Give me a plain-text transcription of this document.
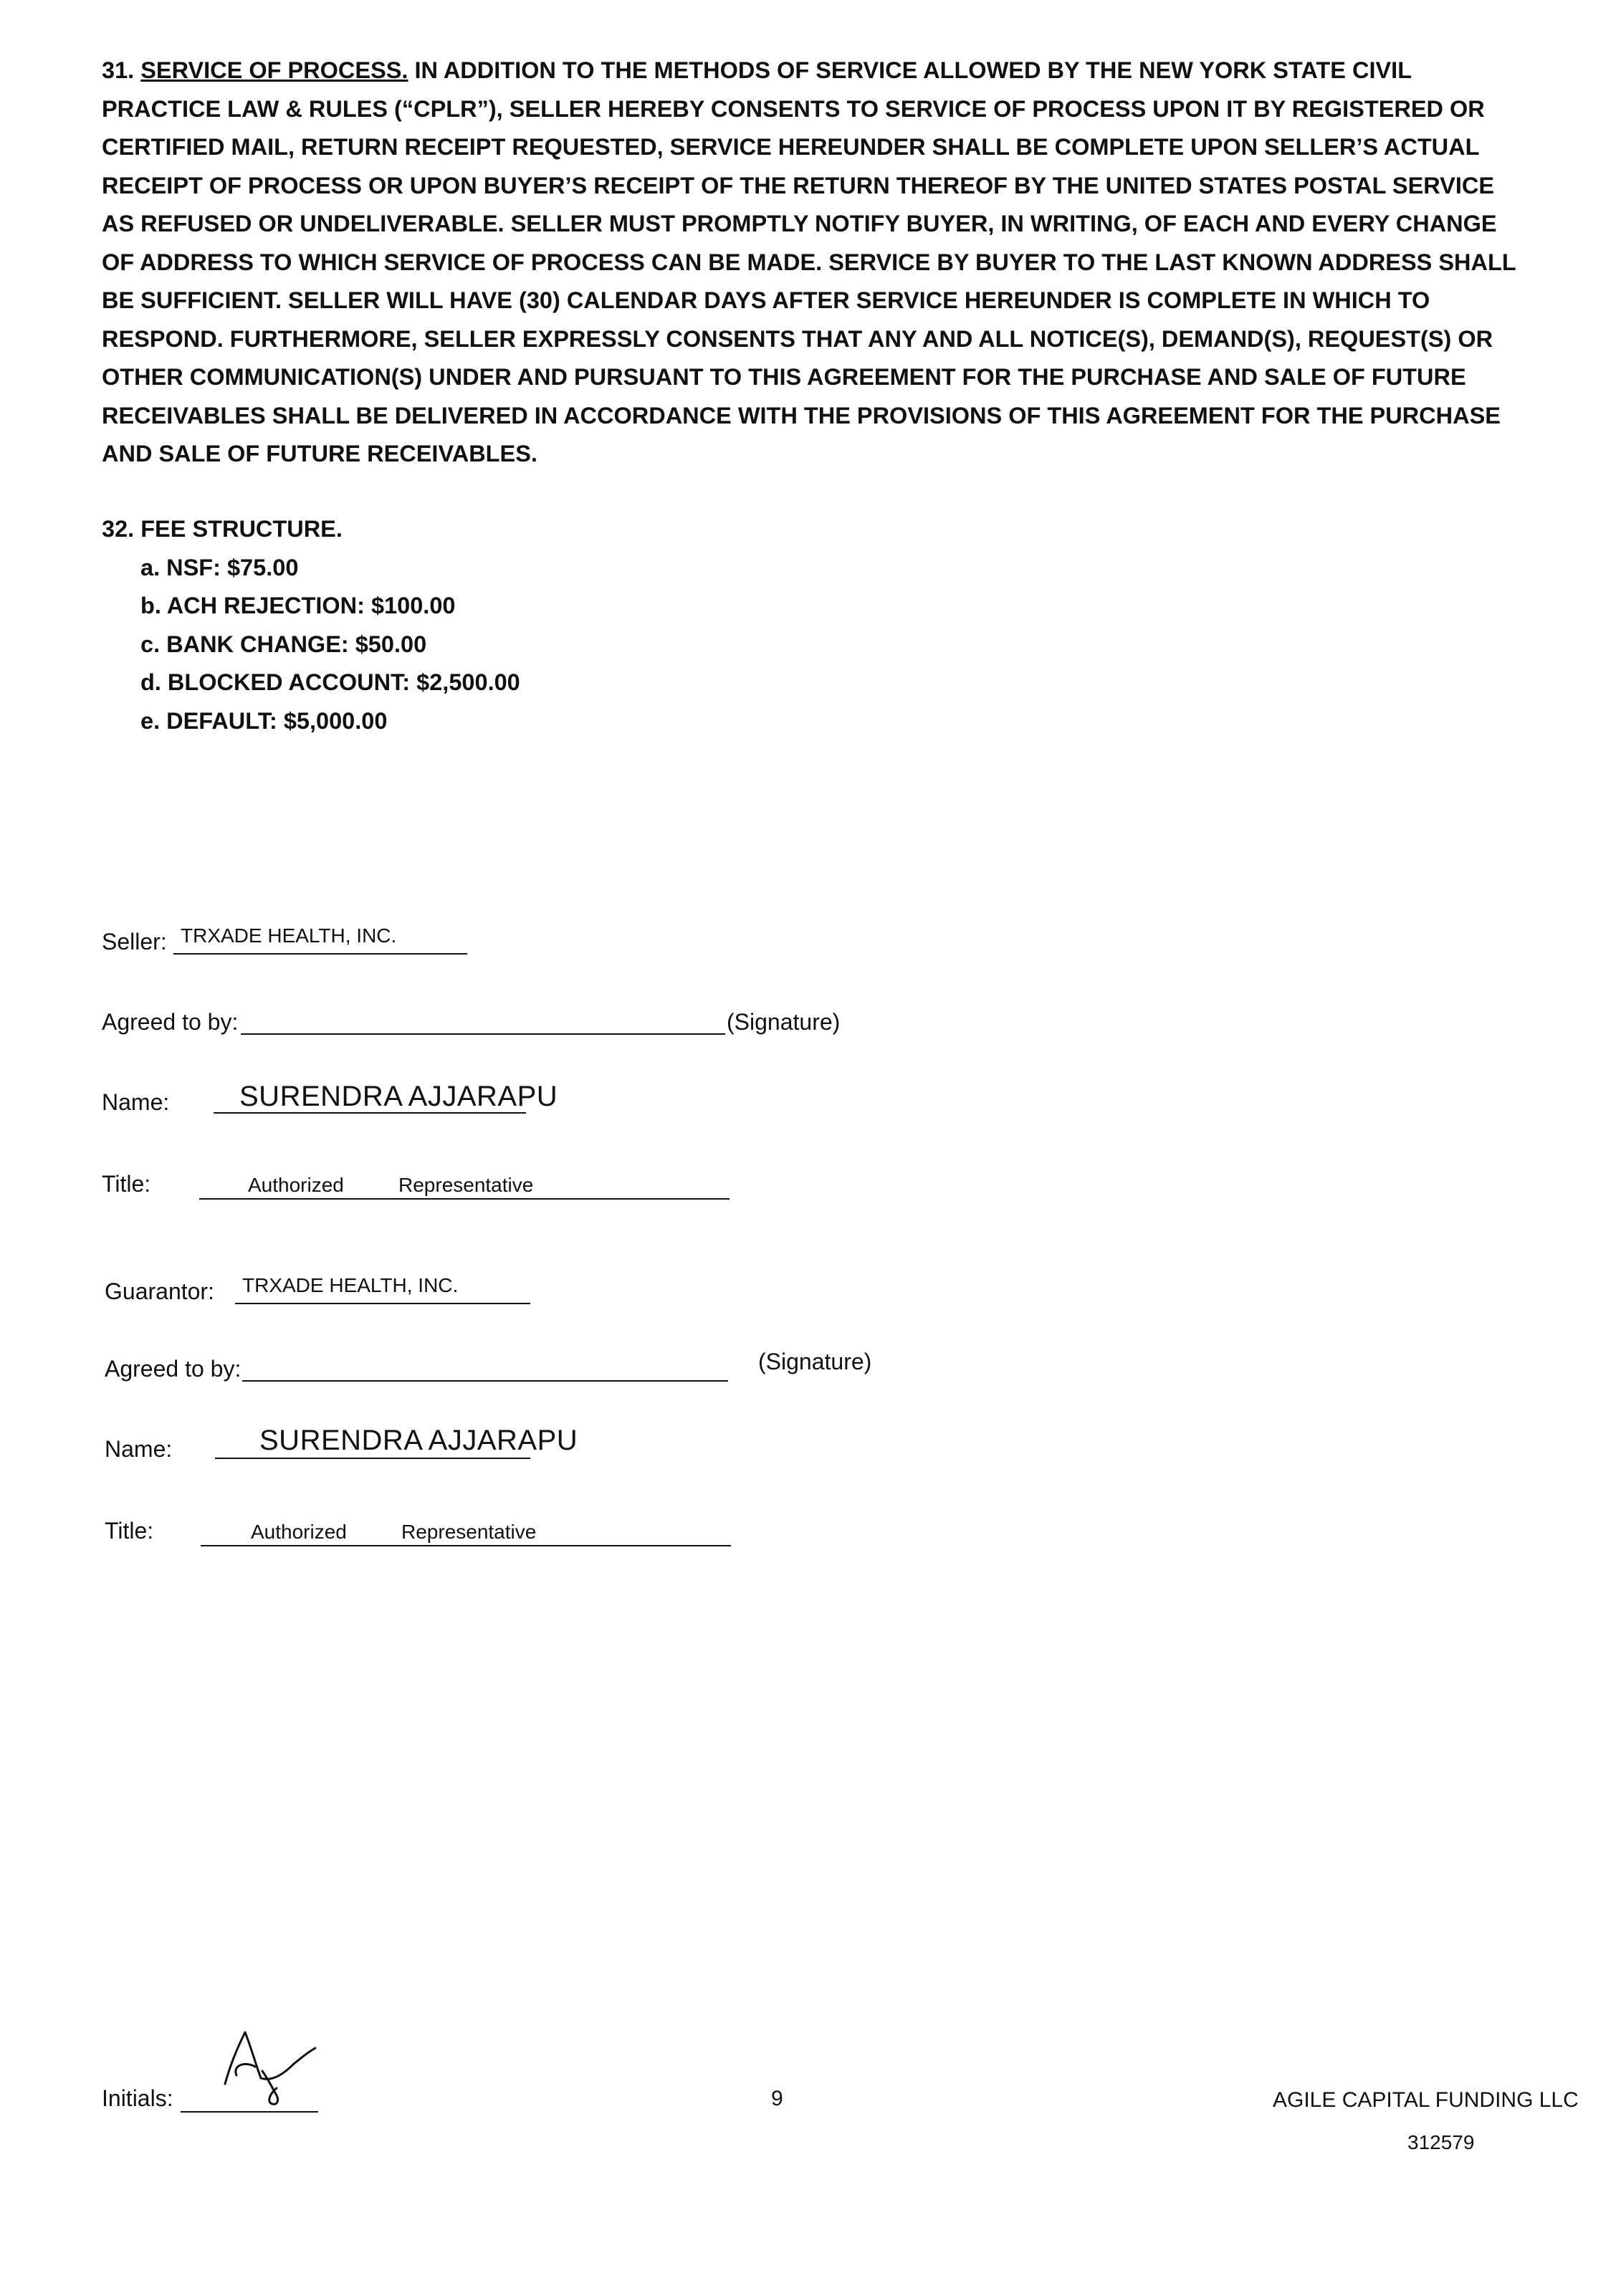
31. SERVICE OF PROCESS. IN ADDITION TO THE METHODS OF SERVICE ALLOWED BY THE NEW YORK STATE CIVIL PRACTICE LAW & RULES (“CPLR”), SELLER HEREBY CONSENTS TO SERVICE OF PROCESS UPON IT BY REGISTERED OR CERTIFIED MAIL, RETURN RECEIPT REQUESTED, SERVICE HEREUNDER SHALL BE COMPLETE UPON SELLER’S ACTUAL RECEIPT OF PROCESS OR UPON BUYER’S RECEIPT OF THE RETURN THEREOF BY THE UNITED STATES POSTAL SERVICE AS REFUSED OR UNDELIVERABLE. SELLER MUST PROMPTLY NOTIFY BUYER, IN WRITING, OF EACH AND EVERY CHANGE OF ADDRESS TO WHICH SERVICE OF PROCESS CAN BE MADE. SERVICE BY BUYER TO THE LAST KNOWN ADDRESS SHALL BE SUFFICIENT. SELLER WILL HAVE (30) CALENDAR DAYS AFTER SERVICE HEREUNDER IS COMPLETE IN WHICH TO RESPOND. FURTHERMORE, SELLER EXPRESSLY CONSENTS THAT ANY AND ALL NOTICE(S), DEMAND(S), REQUEST(S) OR OTHER COMMUNICATION(S) UNDER AND PURSUANT TO THIS AGREEMENT FOR THE PURCHASE AND SALE OF FUTURE RECEIVABLES SHALL BE DELIVERED IN ACCORDANCE WITH THE PROVISIONS OF THIS AGREEMENT FOR THE PURCHASE AND SALE OF FUTURE RECEIVABLES.

32. FEE STRUCTURE.
a. NSF: $75.00
b. ACH REJECTION: $100.00
c. BANK CHANGE: $50.00
d. BLOCKED ACCOUNT: $2,500.00
e. DEFAULT: $5,000.00
Seller: TRXADE HEALTH, INC.
Agreed to by:	(Signature)
Name: SURENDRA AJJARAPU
Title:	Authorized	Representative
Guarantor: TRXADE HEALTH, INC.
Agreed to by:	(Signature)
Name:	SURENDRA AJJARAPU
Title:	Authorized	Representative
Initials:	9	AGILE CAPITAL FUNDING LLC
312579
